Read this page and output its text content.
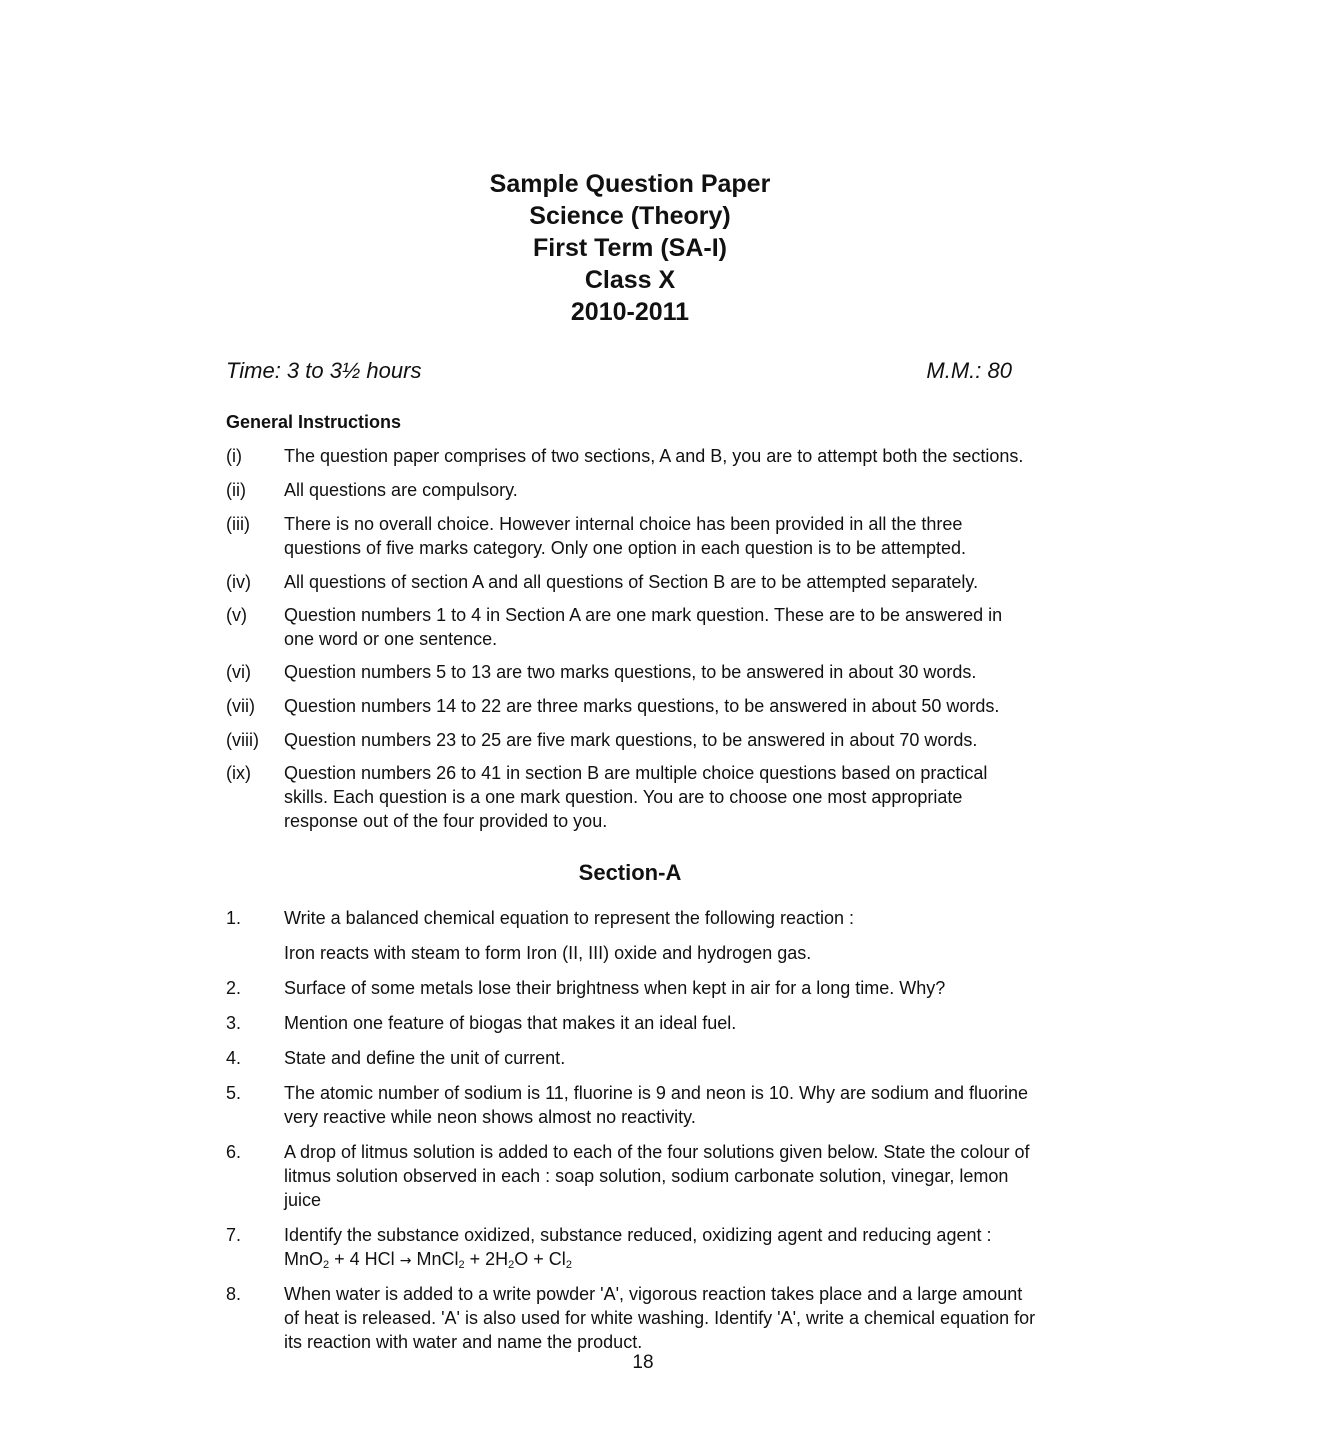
Sample Question Paper
Science (Theory)
First Term (SA-I)
Class X
2010-2011
Time: 3 to 3½ hours	M.M.: 80
General Instructions
(i)	The question paper comprises of two sections, A and B, you are to attempt both the sections.
(ii)	All questions are compulsory.
(iii)	There is no overall choice. However internal choice has been provided in all the three questions of five marks category. Only one option in each question is to be attempted.
(iv)	All questions of section A and all questions of Section B are to be attempted separately.
(v)	Question numbers 1 to 4 in Section A are one mark question. These are to be answered in one word or one sentence.
(vi)	Question numbers 5 to 13 are two marks questions, to be answered in about 30 words.
(vii)	Question numbers 14 to 22 are three marks questions, to be answered in about 50 words.
(viii)	Question numbers 23 to 25 are five mark questions, to be answered in about 70 words.
(ix)	Question numbers 26 to 41 in section B are multiple choice questions based on practical skills. Each question is a one mark question. You are to choose one most appropriate response out of the four provided to you.
Section-A
1.	Write a balanced chemical equation to represent the following reaction :
Iron reacts with steam to form Iron (II, III) oxide and hydrogen gas.
2.	Surface of some metals lose their brightness when kept in air for a long time. Why?
3.	Mention one feature of biogas that makes it an ideal fuel.
4.	State and define the unit of current.
5.	The atomic number of sodium is 11, fluorine is 9 and neon is 10. Why are sodium and fluorine very reactive while neon shows almost no reactivity.
6.	A drop of litmus solution is added to each of the four solutions given below. State the colour of litmus solution observed in each : soap solution, sodium carbonate solution, vinegar, lemon juice
7.	Identify the substance oxidized, substance reduced, oxidizing agent and reducing agent :
MnO$_2$ + 4 HCl → MnCl$_2$ + $2H_2O + Cl_2$
8.	When water is added to a write powder 'A', vigorous reaction takes place and a large amount of heat is released. 'A' is also used for white washing. Identify 'A', write a chemical equation for its reaction with water and name the product.
18
